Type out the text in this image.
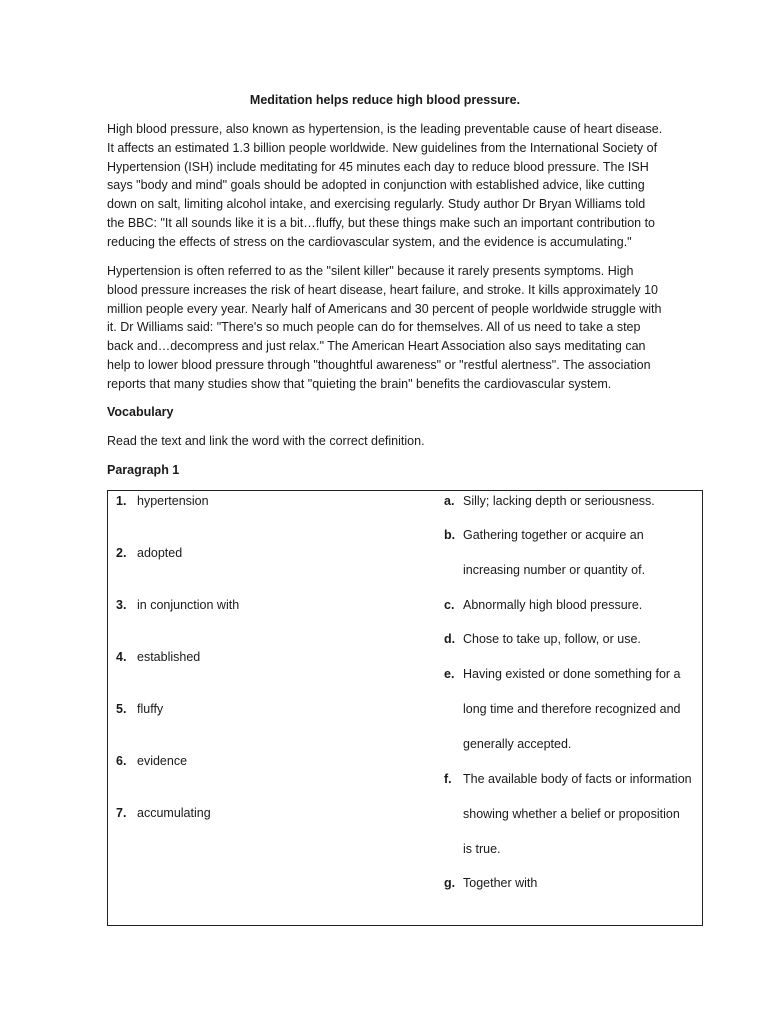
Meditation helps reduce high blood pressure.

High blood pressure, also known as hypertension, is the leading preventable cause of heart disease. It affects an estimated 1.3 billion people worldwide. New guidelines from the International Society of Hypertension (ISH) include meditating for 45 minutes each day to reduce blood pressure. The ISH says "body and mind" goals should be adopted in conjunction with established advice, like cutting down on salt, limiting alcohol intake, and exercising regularly. Study author Dr Bryan Williams told the BBC: "It all sounds like it is a bit…fluffy, but these things make such an important contribution to reducing the effects of stress on the cardiovascular system, and the evidence is accumulating."

Hypertension is often referred to as the "silent killer" because it rarely presents symptoms. High blood pressure increases the risk of heart disease, heart failure, and stroke. It kills approximately 10 million people every year. Nearly half of Americans and 30 percent of people worldwide struggle with it. Dr Williams said: "There's so much people can do for themselves. All of us need to take a step back and…decompress and just relax." The American Heart Association also says meditating can help to lower blood pressure through "thoughtful awareness" or "restful alertness". The association reports that many studies show that "quieting the brain" benefits the cardiovascular system.

Vocabulary
Read the text and link the word with the correct definition.
Paragraph 1
1. hypertension
2. adopted
3. in conjunction with
4. established
5. fluffy
6. evidence
7. accumulating
a. Silly; lacking depth or seriousness.
b. Gathering together or acquire an
increasing number or quantity of.
c. Abnormally high blood pressure.
d. Chose to take up, follow, or use.
e. Having existed or done something for a
long time and therefore recognized and
generally accepted.
f. The available body of facts or information
showing whether a belief or proposition
is true.
g. Together with
